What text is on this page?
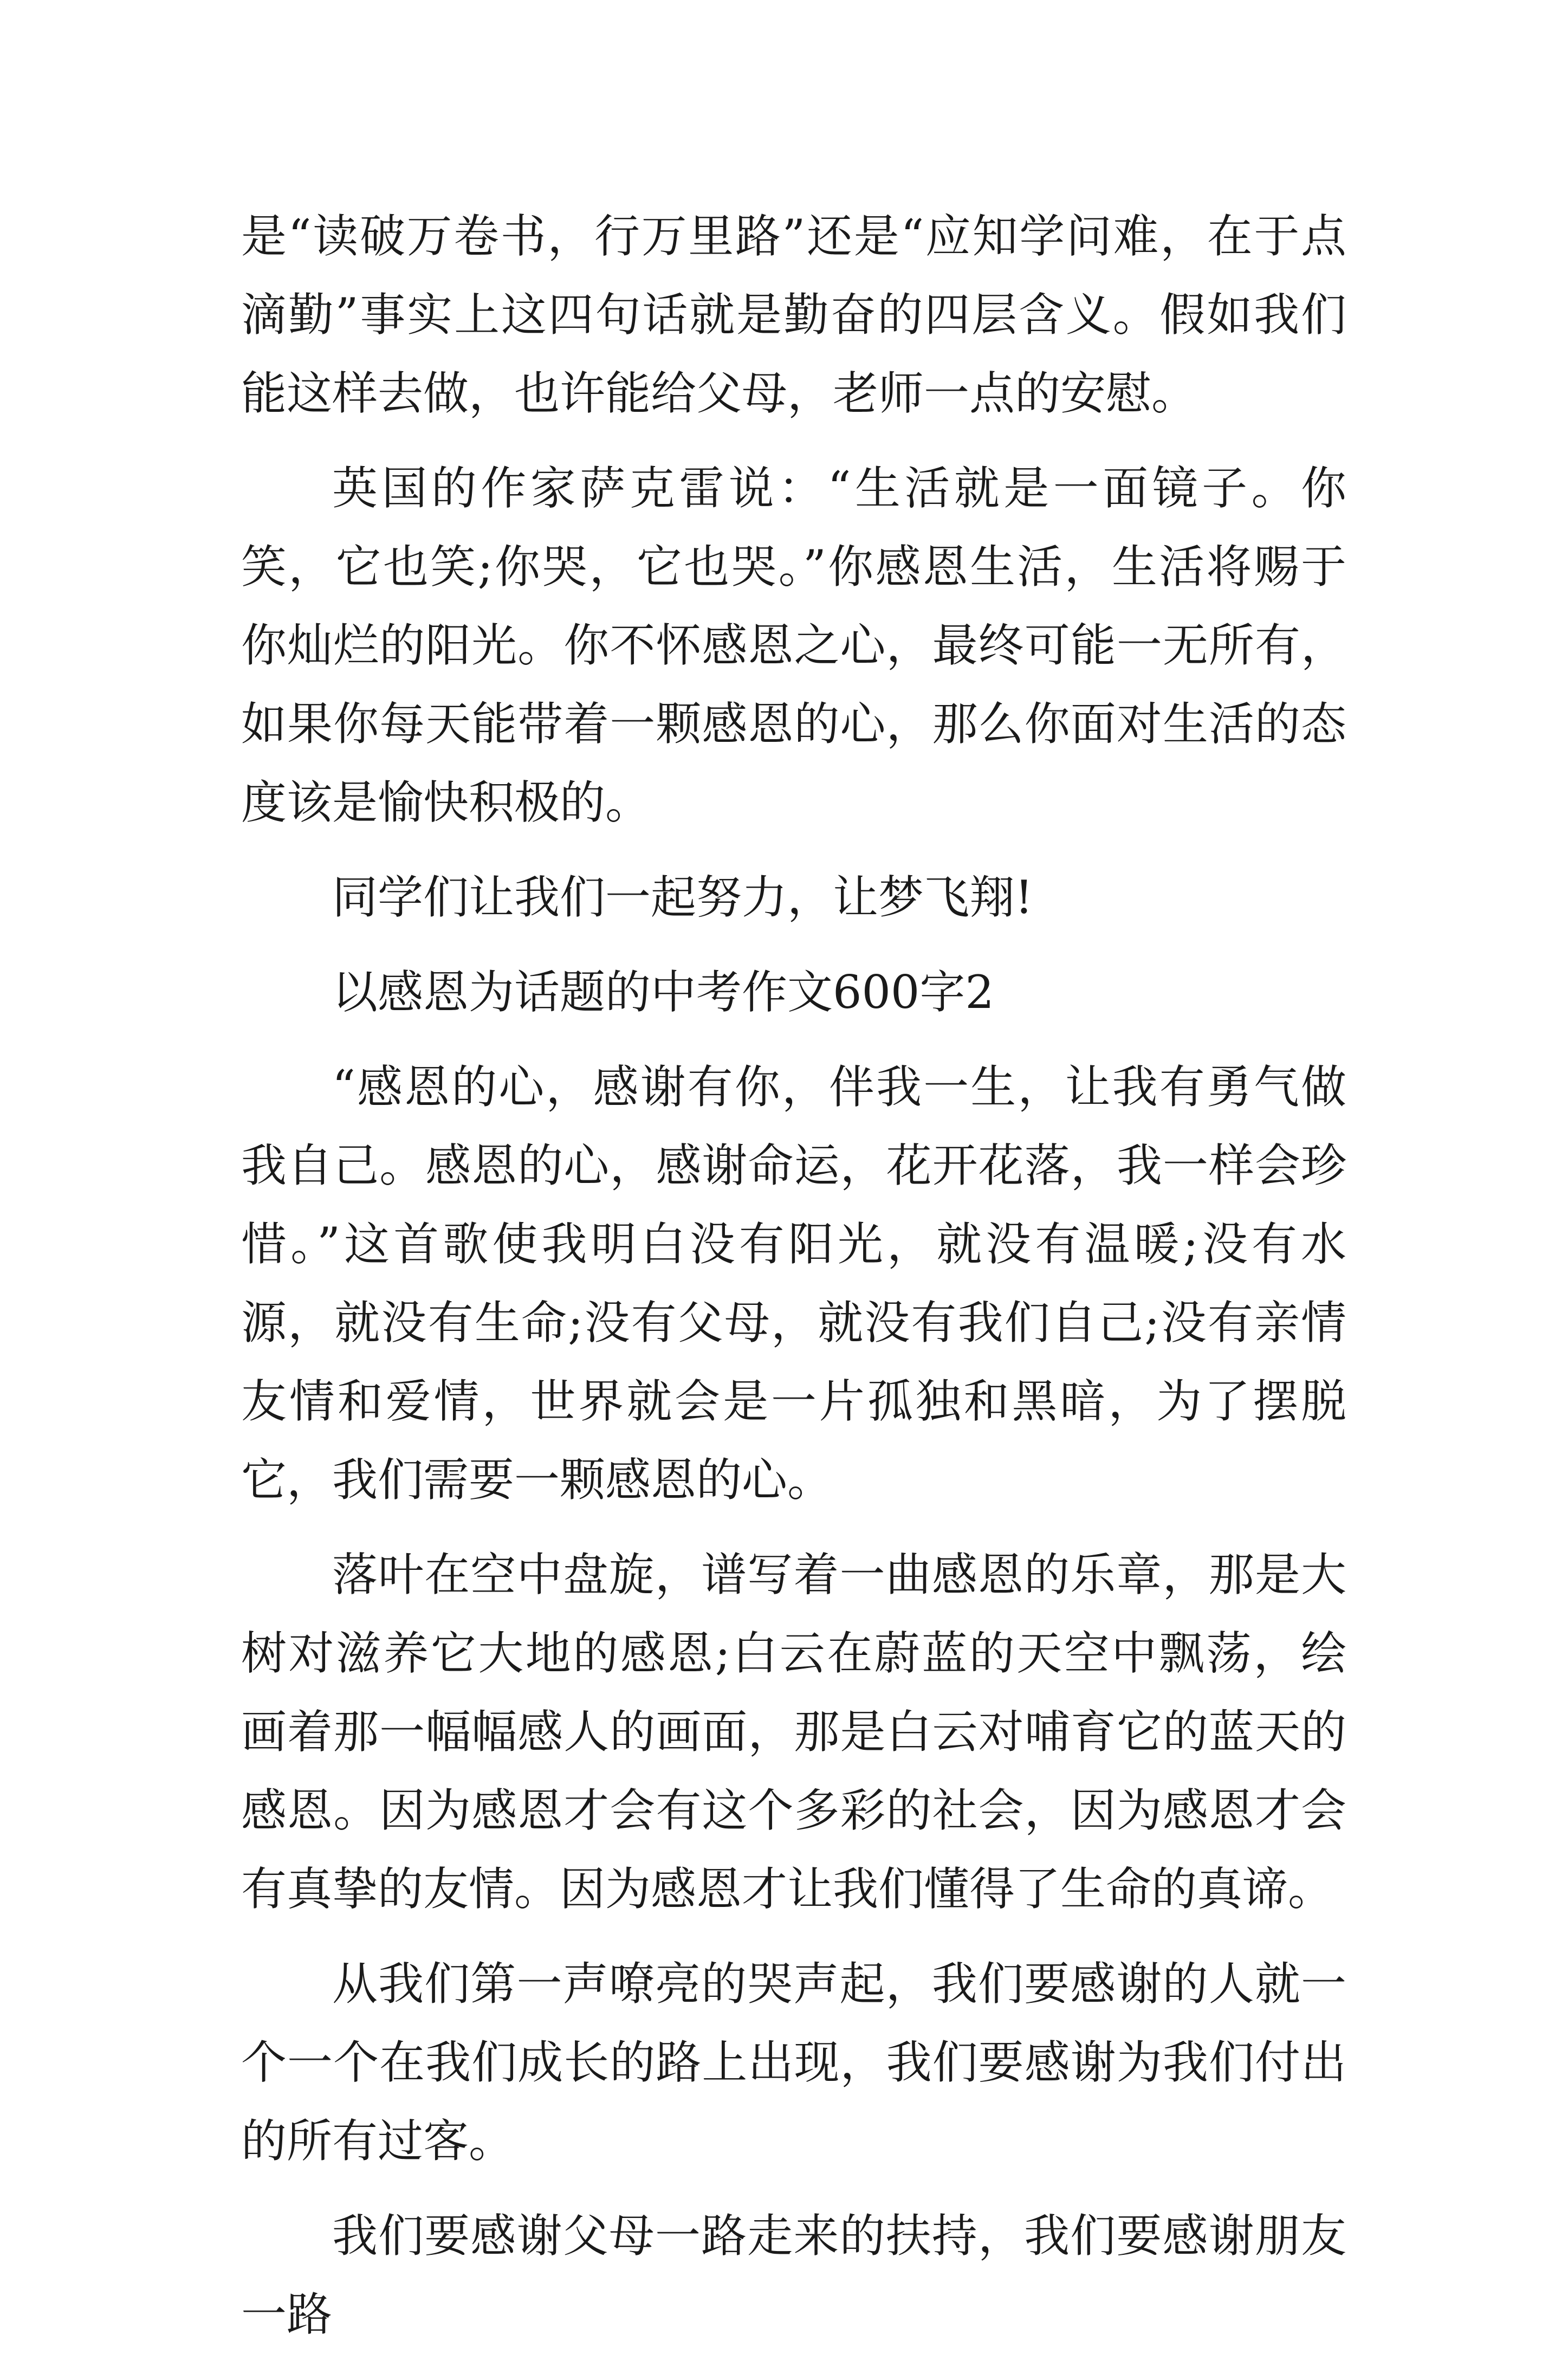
是“读破万卷书，行万里路”还是“应知学问难，在于点滴勤”事实上这四句话就是勤奋的四层含义。假如我们能这样去做，也许能给父母，老师一点的安慰。

英国的作家萨克雷说：“生活就是一面镜子。你笑，它也笑;你哭，它也哭。”你感恩生活，生活将赐于你灿烂的阳光。你不怀感恩之心，最终可能一无所有，如果你每天能带着一颗感恩的心，那么你面对生活的态度该是愉快积极的。

同学们让我们一起努力，让梦飞翔!

以感恩为话题的中考作文600字2

“感恩的心，感谢有你，伴我一生，让我有勇气做我自己。感恩的心，感谢命运，花开花落，我一样会珍惜。”这首歌使我明白没有阳光，就没有温暖;没有水源，就没有生命;没有父母，就没有我们自己;没有亲情友情和爱情，世界就会是一片孤独和黑暗，为了摆脱它，我们需要一颗感恩的心。

落叶在空中盘旋，谱写着一曲感恩的乐章，那是大树对滋养它大地的感恩;白云在蔚蓝的天空中飘荡，绘画着那一幅幅感人的画面，那是白云对哺育它的蓝天的感恩。因为感恩才会有这个多彩的社会，因为感恩才会有真挚的友情。因为感恩才让我们懂得了生命的真谛。

从我们第一声嘹亮的哭声起，我们要感谢的人就一个一个在我们成长的路上出现，我们要感谢为我们付出的所有过客。

我们要感谢父母一路走来的扶持，我们要感谢朋友一路
